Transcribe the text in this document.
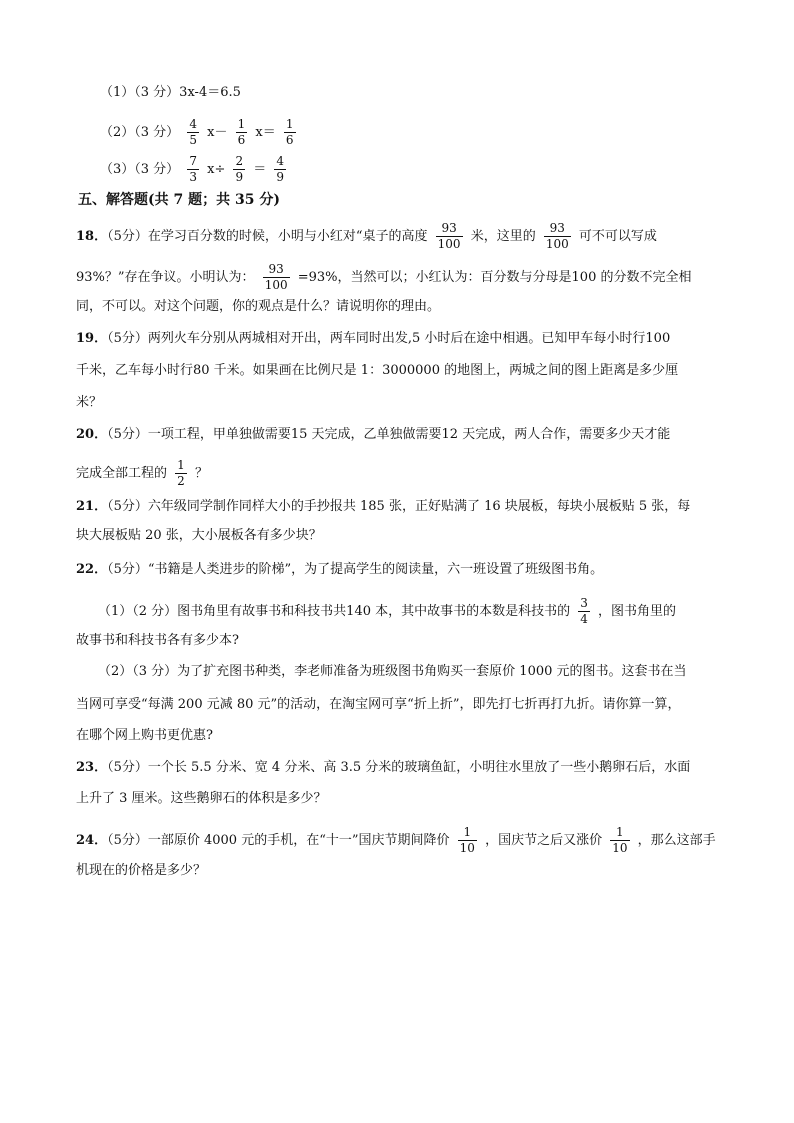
（1）（3 分）3x-4＝6.5
（2）（3 分） $\frac{4}{5} x- \frac{1}{6} x= \frac{1}{6}$
（3）（3 分） $\frac{7}{3} x\div \frac{2}{9} = \frac{4}{9}$
五、解答题(共 7 题；共 35 分)
18．（5分）在学习百分数的时候，小明与小红对“桌子的高度 $\frac{93}{100}$ 米，这里的 $\frac{93}{100}$ 可不可以写成
93%？”存在争议。小明认为： $\frac{93}{100} =93\%$，当然可以；小红认为：百分数与分母是100 的分数不完全相
同，不可以。对这个问题，你的观点是什么？请说明你的理由。
19．（5分）两列火车分别从两城相对开出，两车同时出发,5 小时后在途中相遇。已知甲车每小时行100
千米，乙车每小时行80 千米。如果画在比例尺是 1：3000000 的地图上，两城之间的图上距离是多少厘
米？
20．（5分）一项工程，甲单独做需要15 天完成，乙单独做需要12 天完成，两人合作，需要多少天才能
完成全部工程的 $\frac{1}{2}$ ？
21．（5分）六年级同学制作同样大小的手抄报共 185 张，正好贴满了 16 块展板，每块小展板贴 5 张，每
块大展板贴 20 张，大小展板各有多少块？
22．（5分）“书籍是人类进步的阶梯”，为了提高学生的阅读量，六一班设置了班级图书角。
（1）（2 分）图书角里有故事书和科技书共140 本，其中故事书的本数是科技书的 $\frac{3}{4}$ ，图书角里的
故事书和科技书各有多少本?
（2）（3 分）为了扩充图书种类，李老师准备为班级图书角购买一套原价 1000 元的图书。这套书在当
当网可享受“每满 200 元减 80 元”的活动，在淘宝网可享“折上折”，即先打七折再打九折。请你算一算，
在哪个网上购书更优惠?
23．（5分）一个长 5.5 分米、宽 4 分米、高 3.5 分米的玻璃鱼缸，小明往水里放了一些小鹅卵石后，水面
上升了 3 厘米。这些鹅卵石的体积是多少？
24．（5分）一部原价 4000 元的手机，在“十一”国庆节期间降价 $\frac{1}{10}$ ，国庆节之后又涨价 $\frac{1}{10}$ ，那么这部手
机现在的价格是多少？
